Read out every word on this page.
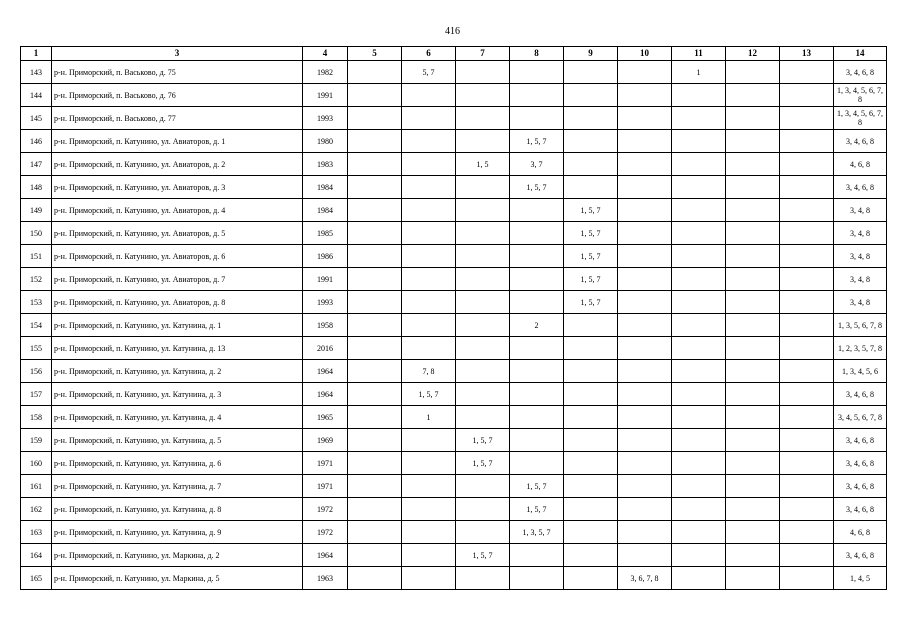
416
1	3	4	5	6	7	8	9	10	11	12	13	14
143	р-н. Приморский, п. Васьково, д. 75	1982		5, 7					1			3, 4, 6, 8
144	р-н. Приморский, п. Васьково, д. 76	1991										1, 3, 4, 5, 6, 7, 8
145	р-н. Приморский, п. Васьково, д. 77	1993										1, 3, 4, 5, 6, 7, 8
146	р-н. Приморский, п. Катунино, ул. Авиаторов, д. 1	1980				1, 5, 7						3, 4, 6, 8
147	р-н. Приморский, п. Катунино, ул. Авиаторов, д. 2	1983			1, 5	3, 7						4, 6, 8
148	р-н. Приморский, п. Катунино, ул. Авиаторов, д. 3	1984				1, 5, 7						3, 4, 6, 8
149	р-н. Приморский, п. Катунино, ул. Авиаторов, д. 4	1984					1, 5, 7					3, 4, 8
150	р-н. Приморский, п. Катунино, ул. Авиаторов, д. 5	1985					1, 5, 7					3, 4, 8
151	р-н. Приморский, п. Катунино, ул. Авиаторов, д. 6	1986					1, 5, 7					3, 4, 8
152	р-н. Приморский, п. Катунино, ул. Авиаторов, д. 7	1991					1, 5, 7					3, 4, 8
153	р-н. Приморский, п. Катунино, ул. Авиаторов, д. 8	1993					1, 5, 7					3, 4, 8
154	р-н. Приморский, п. Катунино, ул. Катунина, д. 1	1958				2						1, 3, 5, 6, 7, 8
155	р-н. Приморский, п. Катунино, ул. Катунина, д. 13	2016										1, 2, 3, 5, 7, 8
156	р-н. Приморский, п. Катунино, ул. Катунина, д. 2	1964		7, 8								1, 3, 4, 5, 6
157	р-н. Приморский, п. Катунино, ул. Катунина, д. 3	1964		1, 5, 7								3, 4, 6, 8
158	р-н. Приморский, п. Катунино, ул. Катунина, д. 4	1965		1								3, 4, 5, 6, 7, 8
159	р-н. Приморский, п. Катунино, ул. Катунина, д. 5	1969			1, 5, 7							3, 4, 6, 8
160	р-н. Приморский, п. Катунино, ул. Катунина, д. 6	1971			1, 5, 7							3, 4, 6, 8
161	р-н. Приморский, п. Катунино, ул. Катунина, д. 7	1971				1, 5, 7						3, 4, 6, 8
162	р-н. Приморский, п. Катунино, ул. Катунина, д. 8	1972				1, 5, 7						3, 4, 6, 8
163	р-н. Приморский, п. Катунино, ул. Катунина, д. 9	1972				1, 3, 5, 7						4, 6, 8
164	р-н. Приморский, п. Катунино, ул. Маркина, д. 2	1964			1, 5, 7							3, 4, 6, 8
165	р-н. Приморский, п. Катунино, ул. Маркина, д. 5	1963						3, 6, 7, 8				1, 4, 5
